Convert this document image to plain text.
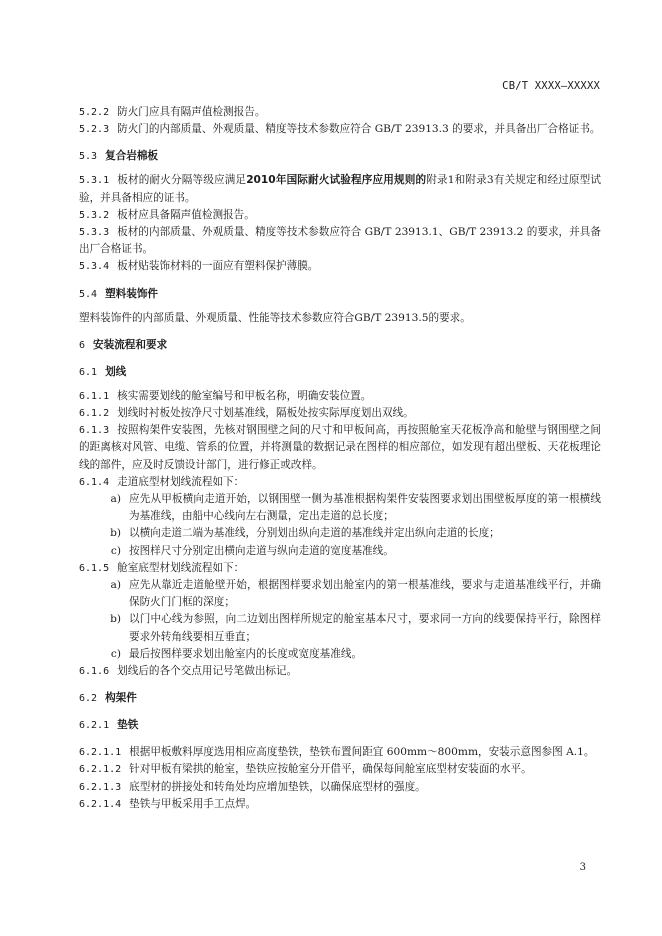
CB/T XXXX—XXXXX

5.2.2 防火门应具有隔声值检测报告。

5.2.3 防火门的内部质量、外观质量、精度等技术参数应符合 GB/T 23913.3 的要求，并具备出厂合格证书。

5.3 复合岩棉板

5.3.1 板材的耐火分隔等级应满足2010年国际耐火试验程序应用规则的附录1和附录3有关规定和经过原型试验，并具备相应的证书。

5.3.2 板材应具备隔声值检测报告。

5.3.3 板材的内部质量、外观质量、精度等技术参数应符合 GB/T 23913.1、GB/T 23913.2 的要求，并具备出厂合格证书。

5.3.4 板材贴装饰材料的一面应有塑料保护薄膜。

5.4 塑料装饰件

塑料装饰件的内部质量、外观质量、性能等技术参数应符合GB/T 23913.5的要求。

6 安装流程和要求
6.1 划线

6.1.1 核实需要划线的舱室编号和甲板名称，明确安装位置。

6.1.2 划线时衬板处按净尺寸划基准线，隔板处按实际厚度划出双线。

6.1.3 按照构架件安装图，先核对钢围壁之间的尺寸和甲板间高，再按照舱室天花板净高和舱壁与钢围壁之间的距离核对风管、电缆、管系的位置，并将测量的数据记录在图样的相应部位，如发现有超出壁板、天花板理论线的部件，应及时反馈设计部门，进行修正或改样。

6.1.4 走道底型材划线流程如下：

a) 应先从甲板横向走道开始，以钢围壁一侧为基准根据构架件安装图要求划出围壁板厚度的第一根横线为基准线，由船中心线向左右测量，定出走道的总长度；
b) 以横向走道二端为基准线，分别划出纵向走道的基准线并定出纵向走道的长度；
c) 按图样尺寸分别定出横向走道与纵向走道的宽度基准线。

6.1.5 舱室底型材划线流程如下：

a) 应先从靠近走道舱壁开始，根据图样要求划出舱室内的第一根基准线，要求与走道基准线平行，并确保防火门门框的深度；
b) 以门中心线为参照，向二边划出图样所规定的舱室基本尺寸，要求同一方向的线要保持平行，除图样要求外转角线要相互垂直；
c) 最后按图样要求划出舱室内的长度或宽度基准线。

6.1.6 划线后的各个交点用记号笔做出标记。

6.2 构架件
6.2.1 垫铁

6.2.1.1 根据甲板敷料厚度选用相应高度垫铁，垫铁布置间距宜 600mm～800mm，安装示意图参图 A.1。

6.2.1.2 针对甲板有梁拱的舱室，垫铁应按舱室分开借平，确保每间舱室底型材安装面的水平。

6.2.1.3 底型材的拼接处和转角处均应增加垫铁，以确保底型材的强度。

6.2.1.4 垫铁与甲板采用手工点焊。

3
